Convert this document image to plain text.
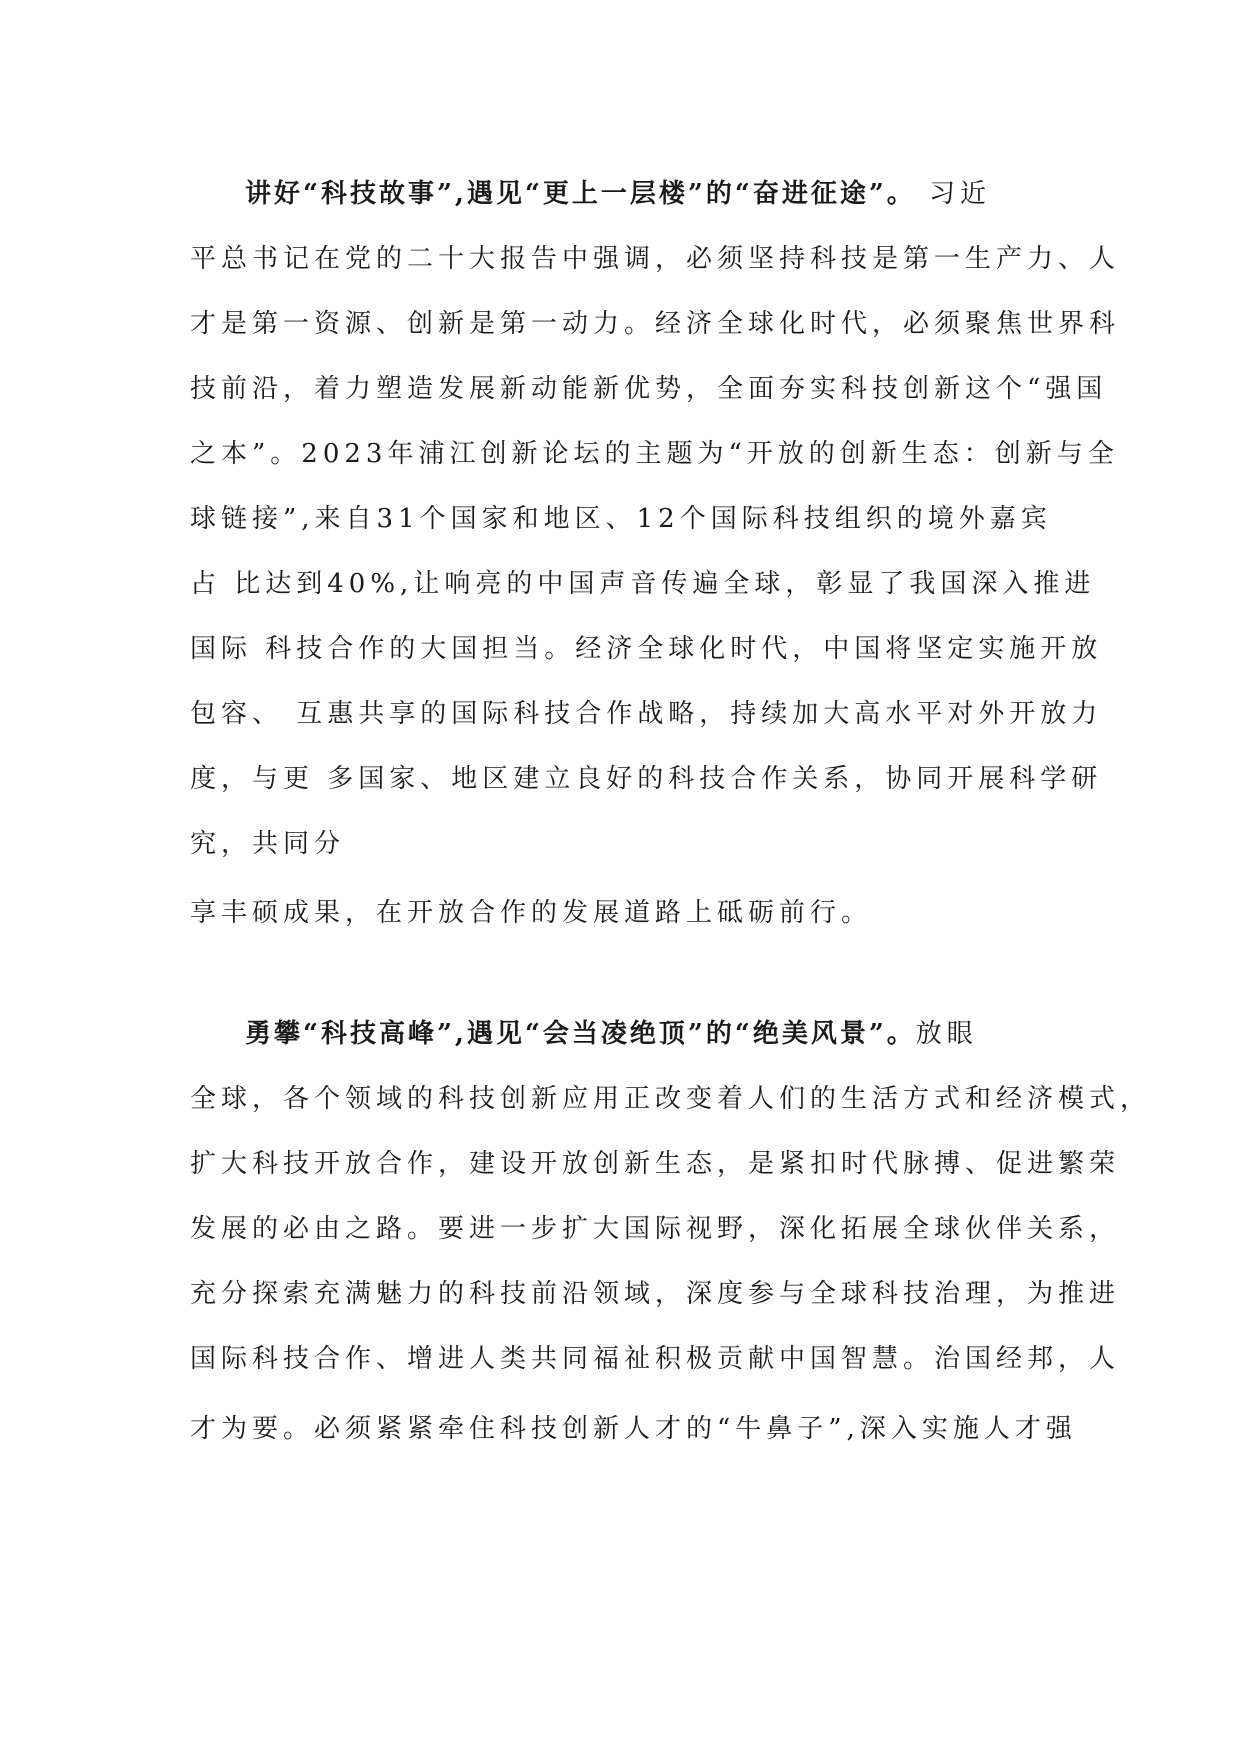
讲好“科技故事”,遇见“更上一层楼”的“奋进征途”。 习近
平总书记在党的二十大报告中强调，必须坚持科技是第一生产力、人
才是第一资源、创新是第一动力。经济全球化时代，必须聚焦世界科
技前沿，着力塑造发展新动能新优势，全面夯实科技创新这个“强国
之本”。2023年浦江创新论坛的主题为“开放的创新生态：创新与全
球链接”,来自31个国家和地区、12个国际科技组织的境外嘉宾
占 比达到40%,让响亮的中国声音传遍全球，彰显了我国深入推进
国际 科技合作的大国担当。经济全球化时代，中国将坚定实施开放
包容、 互惠共享的国际科技合作战略，持续加大高水平对外开放力
度，与更 多国家、地区建立良好的科技合作关系，协同开展科学研
究，共同分
享丰硕成果，在开放合作的发展道路上砥砺前行。
勇攀“科技高峰”,遇见“会当凌绝顶”的“绝美风景”。放眼
全球，各个领域的科技创新应用正改变着人们的生活方式和经济模式，
扩大科技开放合作，建设开放创新生态，是紧扣时代脉搏、促进繁荣
发展的必由之路。要进一步扩大国际视野，深化拓展全球伙伴关系，
充分探索充满魅力的科技前沿领域，深度参与全球科技治理，为推进
国际科技合作、增进人类共同福祉积极贡献中国智慧。治国经邦，人
才为要。必须紧紧牵住科技创新人才的“牛鼻子”,深入实施人才强
